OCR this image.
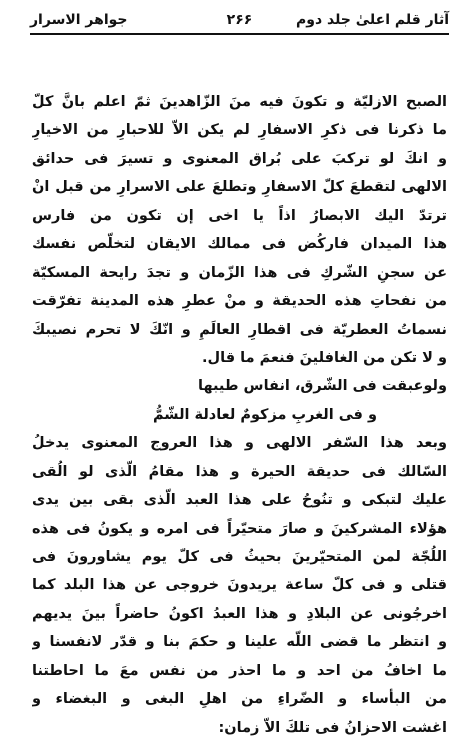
آثار قلم اعلیٰ جلد دوم
۲۶۶
جواهر الاسرار
الصبح الازليّة و تكونَ فيه منَ الزّاهدينَ ثمّ اعلم بانَّ كلّ
ما ذكرنا فى ذكرِ الاسفارِ لم يكن الاّ للاحبارِ من الاخيارِ
و انكَ لو تركبَ على بُراق المعنوى و تسيرَ فى حدائق
الالهى لتقطعَ كلّ الاسفارِ وتطلعَ على الاسرارِ من قبل انْ
ترتدّ اليك الابصارُ اذاً يا اخى إن تكون من فارس
هذا الميدان فاركُض فى ممالك الايقان لتخلّص نفسك
عن سجنِ الشّركِ فى هذا الزّمان و تجدَ رايحة المسكيّة
من نفحاتِ هذه الحديقة و منْ عطرِ هذه المدينة تفرّقت
نسماتُ العطريّة فى اقطارِ العالَمِ و انّكَ لا تحرم نصيبكَ
و لا تكن من الغافلينَ فنعمَ ما قال.
ولوعبقت فى الشّرق، انفاس طيبها
و فى الغربِ مزكومٌ لعادلة الشّمُّ
وبعد هذا السّفر الالهى و هذا العروج المعنوى يدخلُ
السّالك فى حديقة الحيرة و هذا مقامُ الّذى لو الُقى
عليك لتبكى و تنُوحُ على هذا العبد الّذى بقى بين يدى
هؤلاء المشركينَ و صارَ متحيّراً فى امره و يكونُ فى هذه
اللُجّة لمن المتحيّرينَ بحيثُ فى كلّ يوم يشاورونَ فى
قتلى و فى كلّ ساعة يريدونَ خروجى عن هذا البلد كما
اخرجُونى عن البلادِ و هذا العبدُ اكونُ حاضراً بينَ يديهم
و انتظر ما قضى اللّه علينا و حكمَ بنا و قدّر لانفسنا و
ما اخافُ من احد و ما احذر من نفس معَ ما احاطتنا
من البأساء و الضّراءِ من اهلِ البغى و البغضاء و
اغشت الاحزانُ فى تلكَ الاّ زمان:
